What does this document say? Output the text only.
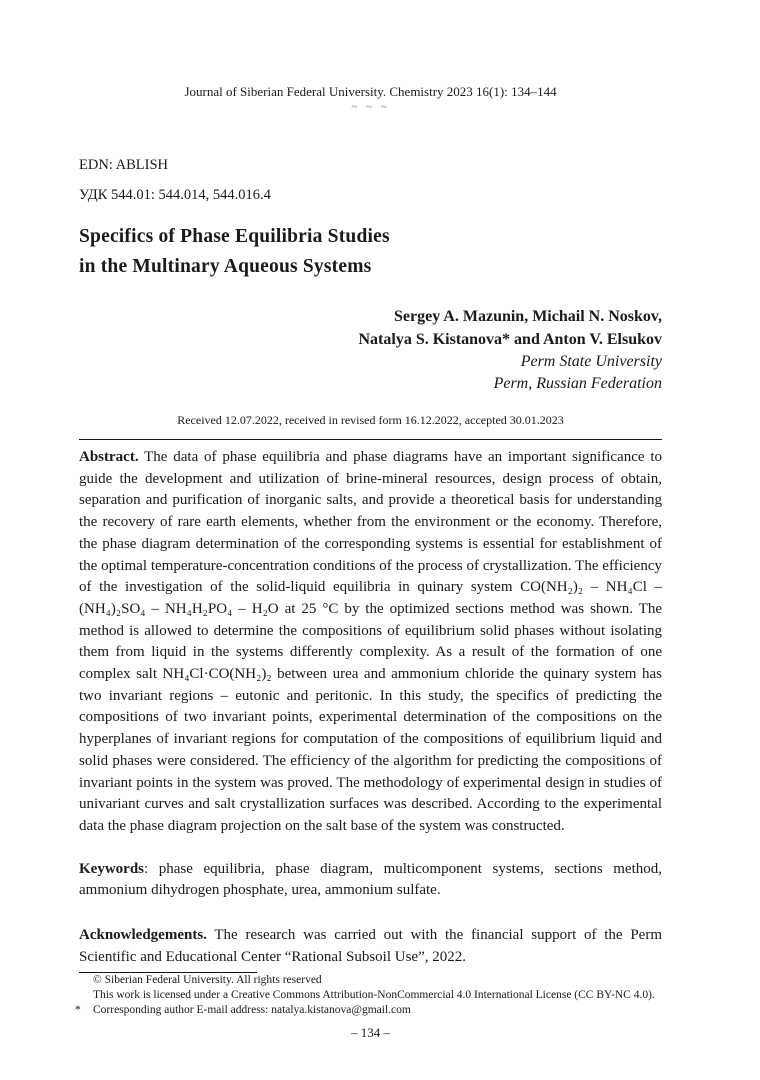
Journal of Siberian Federal University. Chemistry 2023 16(1): 134–144
~ ~ ~
EDN: ABLISH
УДК 544.01: 544.014, 544.016.4
Specifics of Phase Equilibria Studies
in the Multinary Aqueous Systems
Sergey A. Mazunin, Michail N. Noskov,
Natalya S. Kistanova* and Anton V. Elsukov
Perm State University
Perm, Russian Federation
Received 12.07.2022, received in revised form 16.12.2022, accepted 30.01.2023

Abstract. The data of phase equilibria and phase diagrams have an important significance to guide the development and utilization of brine-mineral resources, design process of obtain, separation and purification of inorganic salts, and provide a theoretical basis for understanding the recovery of rare earth elements, whether from the environment or the economy. Therefore, the phase diagram determination of the corresponding systems is essential for establishment of the optimal temperature-concentration conditions of the process of crystallization. The efficiency of the investigation of the solid-liquid equilibria in quinary system CO(NH₂)₂ – NH₄Cl – (NH₄)₂SO₄ – NH₄H₂PO₄ – H₂O at 25 °C by the optimized sections method was shown. The method is allowed to determine the compositions of equilibrium solid phases without isolating them from liquid in the systems differently complexity. As a result of the formation of one complex salt NH₄Cl·CO(NH₂)₂ between urea and ammonium chloride the quinary system has two invariant regions – eutonic and peritonic. In this study, the specifics of predicting the compositions of two invariant points, experimental determination of the compositions on the hyperplanes of invariant regions for computation of the compositions of equilibrium liquid and solid phases were considered. The efficiency of the algorithm for predicting the compositions of invariant points in the system was proved. The methodology of experimental design in studies of univariant curves and salt crystallization surfaces was described. According to the experimental data the phase diagram projection on the salt base of the system was constructed.

Keywords: phase equilibria, phase diagram, multicomponent systems, sections method, ammonium dihydrogen phosphate, urea, ammonium sulfate.

Acknowledgements. The research was carried out with the financial support of the Perm Scientific and Educational Center “Rational Subsoil Use”, 2022.

© Siberian Federal University. All rights reserved
This work is licensed under a Creative Commons Attribution-NonCommercial 4.0 International License (CC BY-NC 4.0).
* Corresponding author E-mail address: natalya.kistanova@gmail.com
– 134 –
